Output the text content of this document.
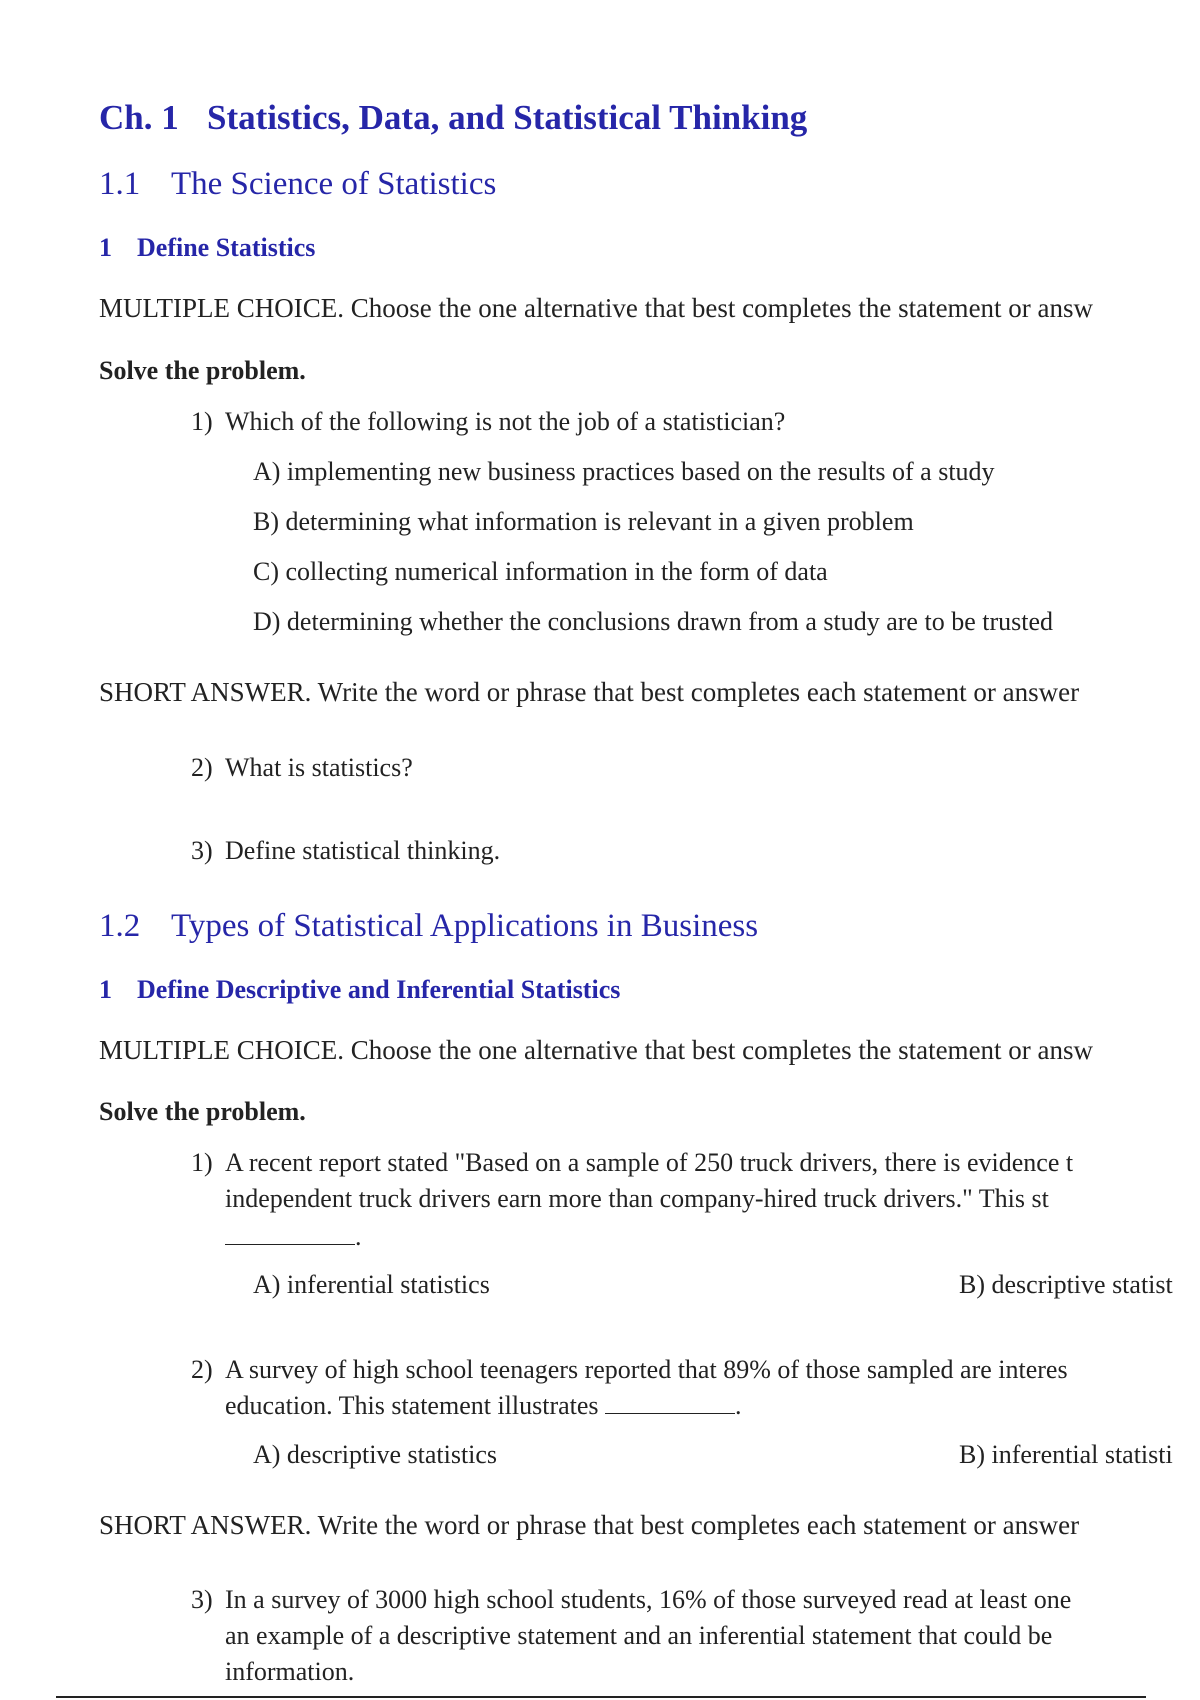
Ch. 1 Statistics, Data, and Statistical Thinking
1.1 The Science of Statistics
1 Define Statistics
MULTIPLE CHOICE. Choose the one alternative that best completes the statement or answ
Solve the problem.
1) Which of the following is not the job of a statistician?
A) implementing new business practices based on the results of a study
B) determining what information is relevant in a given problem
C) collecting numerical information in the form of data
D) determining whether the conclusions drawn from a study are to be trusted
SHORT ANSWER. Write the word or phrase that best completes each statement or answer
2) What is statistics?
3) Define statistical thinking.
1.2 Types of Statistical Applications in Business
1 Define Descriptive and Inferential Statistics
MULTIPLE CHOICE. Choose the one alternative that best completes the statement or answ
Solve the problem.
1) A recent report stated "Based on a sample of 250 truck drivers, there is evidence t
independent truck drivers earn more than company-hired truck drivers." This st
.
A) inferential statistics	B) descriptive statist
2) A survey of high school teenagers reported that 89% of those sampled are interes
education. This statement illustrates	.
A) descriptive statistics	B) inferential statisti
SHORT ANSWER. Write the word or phrase that best completes each statement or answer
3) In a survey of 3000 high school students, 16% of those surveyed read at least one
an example of a descriptive statement and an inferential statement that could be
information.
